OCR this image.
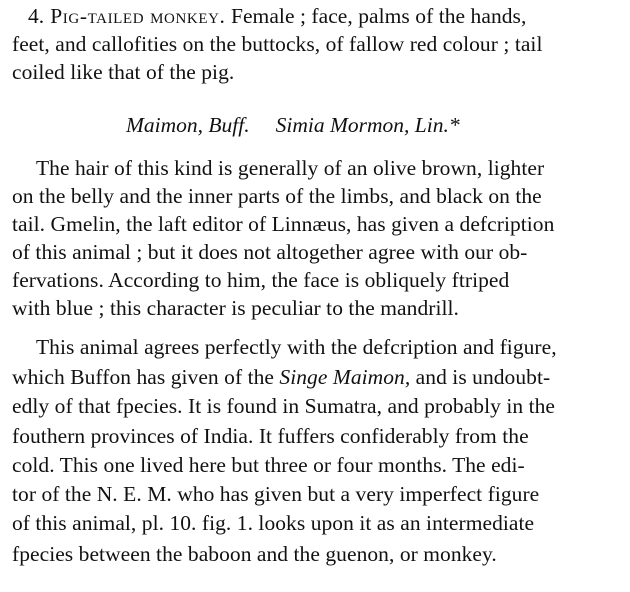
4. Pig-tailed monkey. Female ; face, palms of the hands,
feet, and callofities on the buttocks, of fallow red colour ; tail
coiled like that of the pig.
Maimon, Buff. Simia Mormon, Lin.*
The hair of this kind is generally of an olive brown, lighter
on the belly and the inner parts of the limbs, and black on the
tail. Gmelin, the laft editor of Linnæus, has given a defcription
of this animal ; but it does not altogether agree with our ob-
fervations. According to him, the face is obliquely ftriped
with blue ; this character is peculiar to the mandrill.
This animal agrees perfectly with the defcription and figure,
which Buffon has given of the Singe Maimon, and is undoubt-
edly of that fpecies. It is found in Sumatra, and probably in the
fouthern provinces of India. It fuffers confiderably from the
cold. This one lived here but three or four months. The edi-
tor of the N. E. M. who has given but a very imperfect figure
of this animal, pl. 10. fig. 1. looks upon it as an intermediate
fpecies between the baboon and the guenon, or monkey.
